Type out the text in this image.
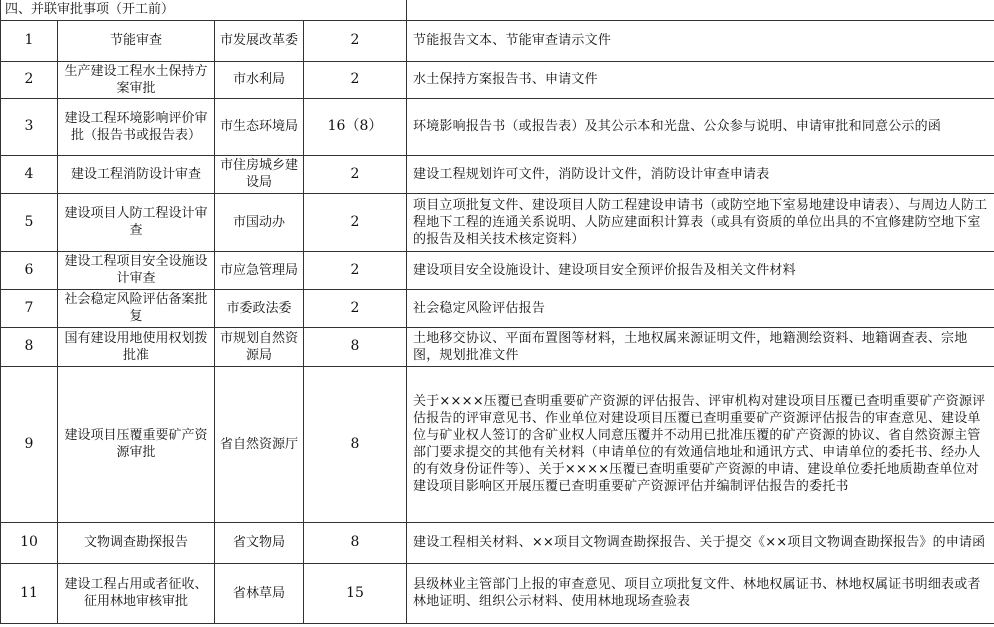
四、并联审批事项（开工前）				
1	节能审查	市发展改革委	2	节能报告文本、节能审查请示文件
2	生产建设工程水土保持方案审批	市水利局	2	水土保持方案报告书、申请文件
3	建设工程环境影响评价审批（报告书或报告表）	市生态环境局	16（8）	环境影响报告书（或报告表）及其公示本和光盘、公众参与说明、申请审批和同意公示的函
4	建设工程消防设计审查	市住房城乡建设局	2	建设工程规划许可文件，消防设计文件，消防设计审查申请表
5	建设项目人防工程设计审查	市国动办	2	项目立项批复文件、建设项目人防工程建设申请书（或防空地下室易地建设申请表）、与周边人防工程地下工程的连通关系说明、人防应建面积计算表（或具有资质的单位出具的不宜修建防空地下室的报告及相关技术核定资料）
6	建设工程项目安全设施设计审查	市应急管理局	2	建设项目安全设施设计、建设项目安全预评价报告及相关文件材料
7	社会稳定风险评估备案批复	市委政法委	2	社会稳定风险评估报告
8	国有建设用地使用权划拨批准	市规划自然资源局	8	土地移交协议、平面布置图等材料，土地权属来源证明文件，地籍测绘资料、地籍调查表、宗地图，规划批准文件
9	建设项目压覆重要矿产资源审批	省自然资源厅	8	关于××××压覆已查明重要矿产资源的评估报告、评审机构对建设项目压覆已查明重要矿产资源评估报告的评审意见书、作业单位对建设项目压覆已查明重要矿产资源评估报告的审查意见、建设单位与矿业权人签订的含矿业权人同意压覆并不动用已批准压覆的矿产资源的协议、省自然资源主管部门要求提交的其他有关材料（申请单位的有效通信地址和通讯方式、申请单位的委托书、经办人的有效身份证件等）、关于××××压覆已查明重要矿产资源的申请、建设单位委托地质勘查单位对建设项目影响区开展压覆已查明重要矿产资源评估并编制评估报告的委托书
10	文物调查勘探报告	省文物局	8	建设工程相关材料、××项目文物调查勘探报告、关于提交《××项目文物调查勘探报告》的申请函
11	建设工程占用或者征收、征用林地审核审批	省林草局	15	县级林业主管部门上报的审查意见、项目立项批复文件、林地权属证书、林地权属证书明细表或者林地证明、组织公示材料、使用林地现场查验表
